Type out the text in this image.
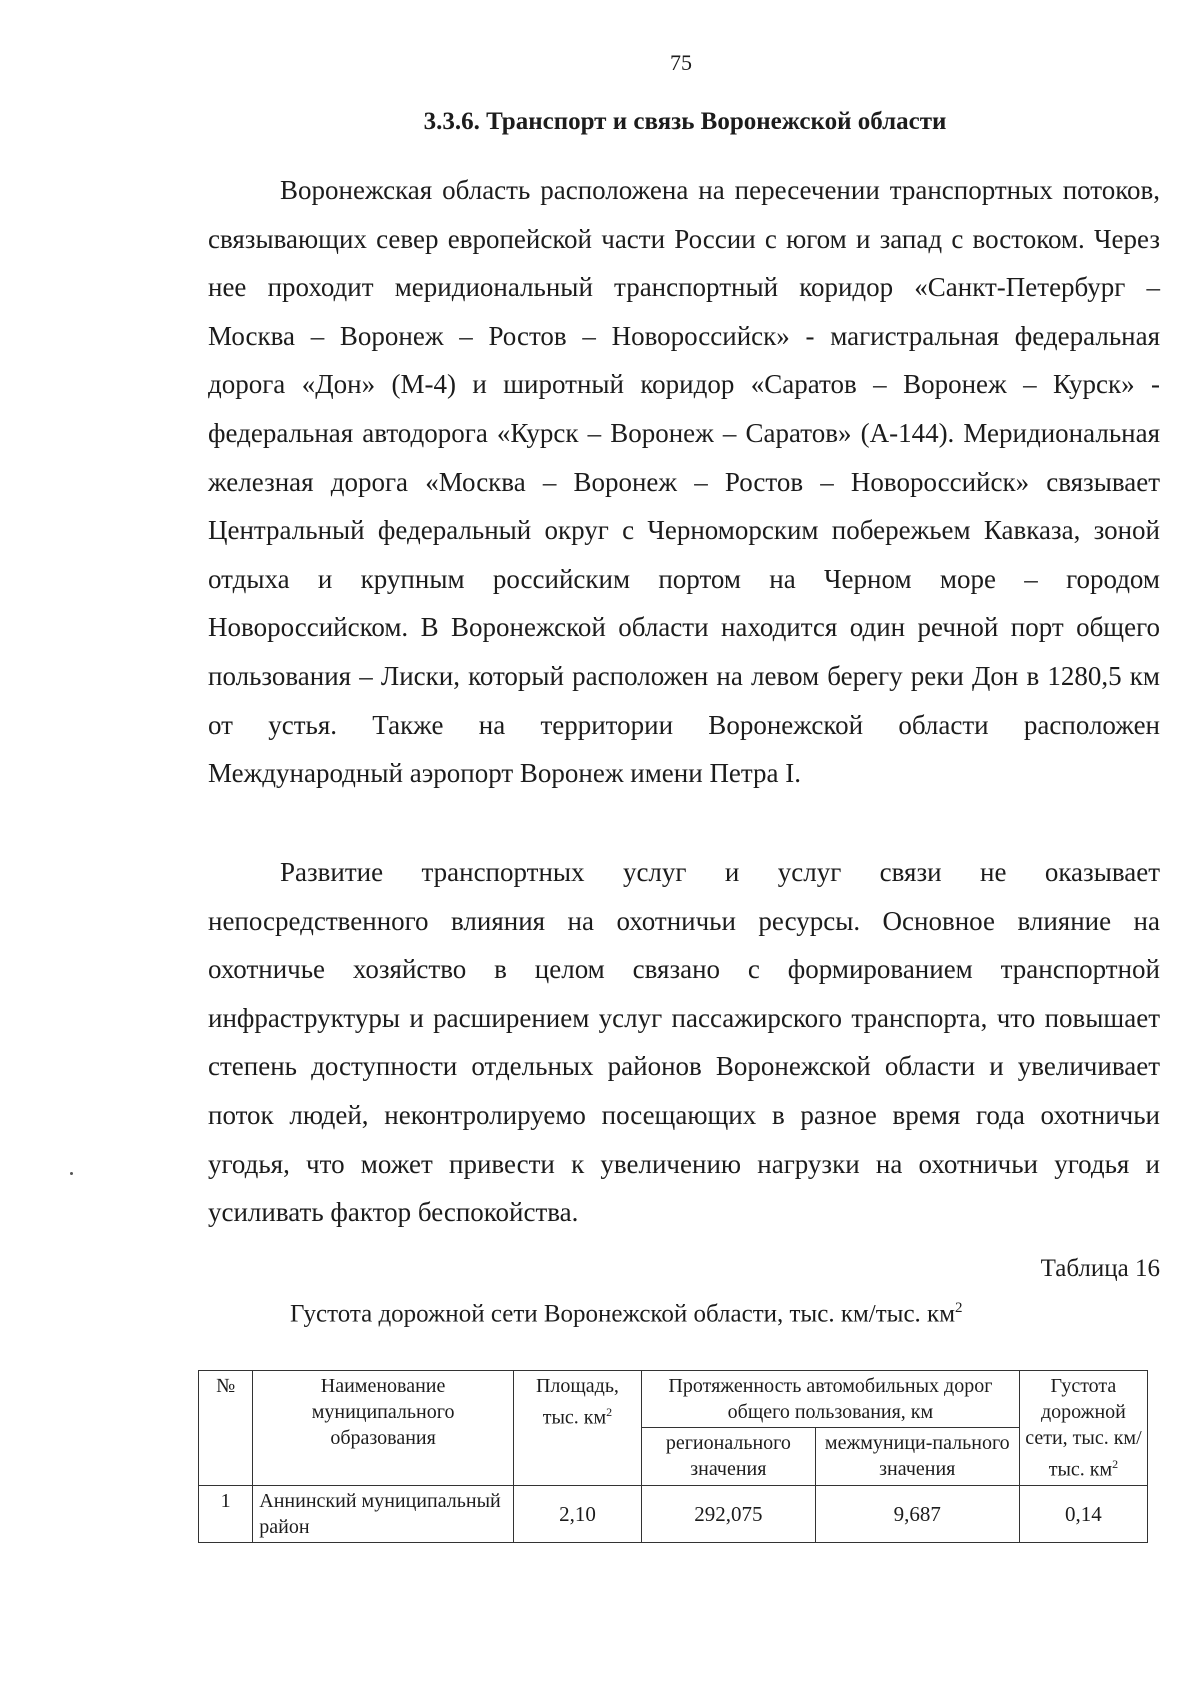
75
3.3.6. Транспорт и связь Воронежской области

Воронежская область расположена на пересечении транспортных потоков, связывающих север европейской части России с югом и запад с востоком. Через нее проходит меридиональный транспортный коридор «Санкт-Петербург – Москва – Воронеж – Ростов – Новороссийск» - магистральная федеральная дорога «Дон» (М-4) и широтный коридор «Саратов – Воронеж – Курск» - федеральная автодорога «Курск – Воронеж – Саратов» (А-144). Меридиональная железная дорога «Москва – Воронеж – Ростов – Новороссийск» связывает Центральный федеральный округ с Черноморским побережьем Кавказа, зоной отдыха и крупным российским портом на Черном море – городом Новороссийском. В Воронежской области находится один речной порт общего пользования – Лиски, который расположен на левом берегу реки Дон в 1280,5 км от устья. Также на территории Воронежской области расположен Международный аэропорт Воронеж имени Петра I.

Развитие транспортных услуг и услуг связи не оказывает непосредственного влияния на охотничьи ресурсы. Основное влияние на охотничье хозяйство в целом связано с формированием транспортной инфраструктуры и расширением услуг пассажирского транспорта, что повышает степень доступности отдельных районов Воронежской области и увеличивает поток людей, неконтролируемо посещающих в разное время года охотничьи угодья, что может привести к увеличению нагрузки на охотничьи угодья и усиливать фактор беспокойства.

Таблица 16
Густота дорожной сети Воронежской области, тыс. км/тыс. $км^2$
№	Наименование муниципального образования	Площадь, тыс. $км^2$	Протяженность автомобильных дорог общего пользования, км		Густота дорожной сети, тыс. км/ тыс. $км^2$
			регионального значения	межмуници-пального значения	
1	Аннинский муниципальный район	2,10	292,075	9,687	0,14
